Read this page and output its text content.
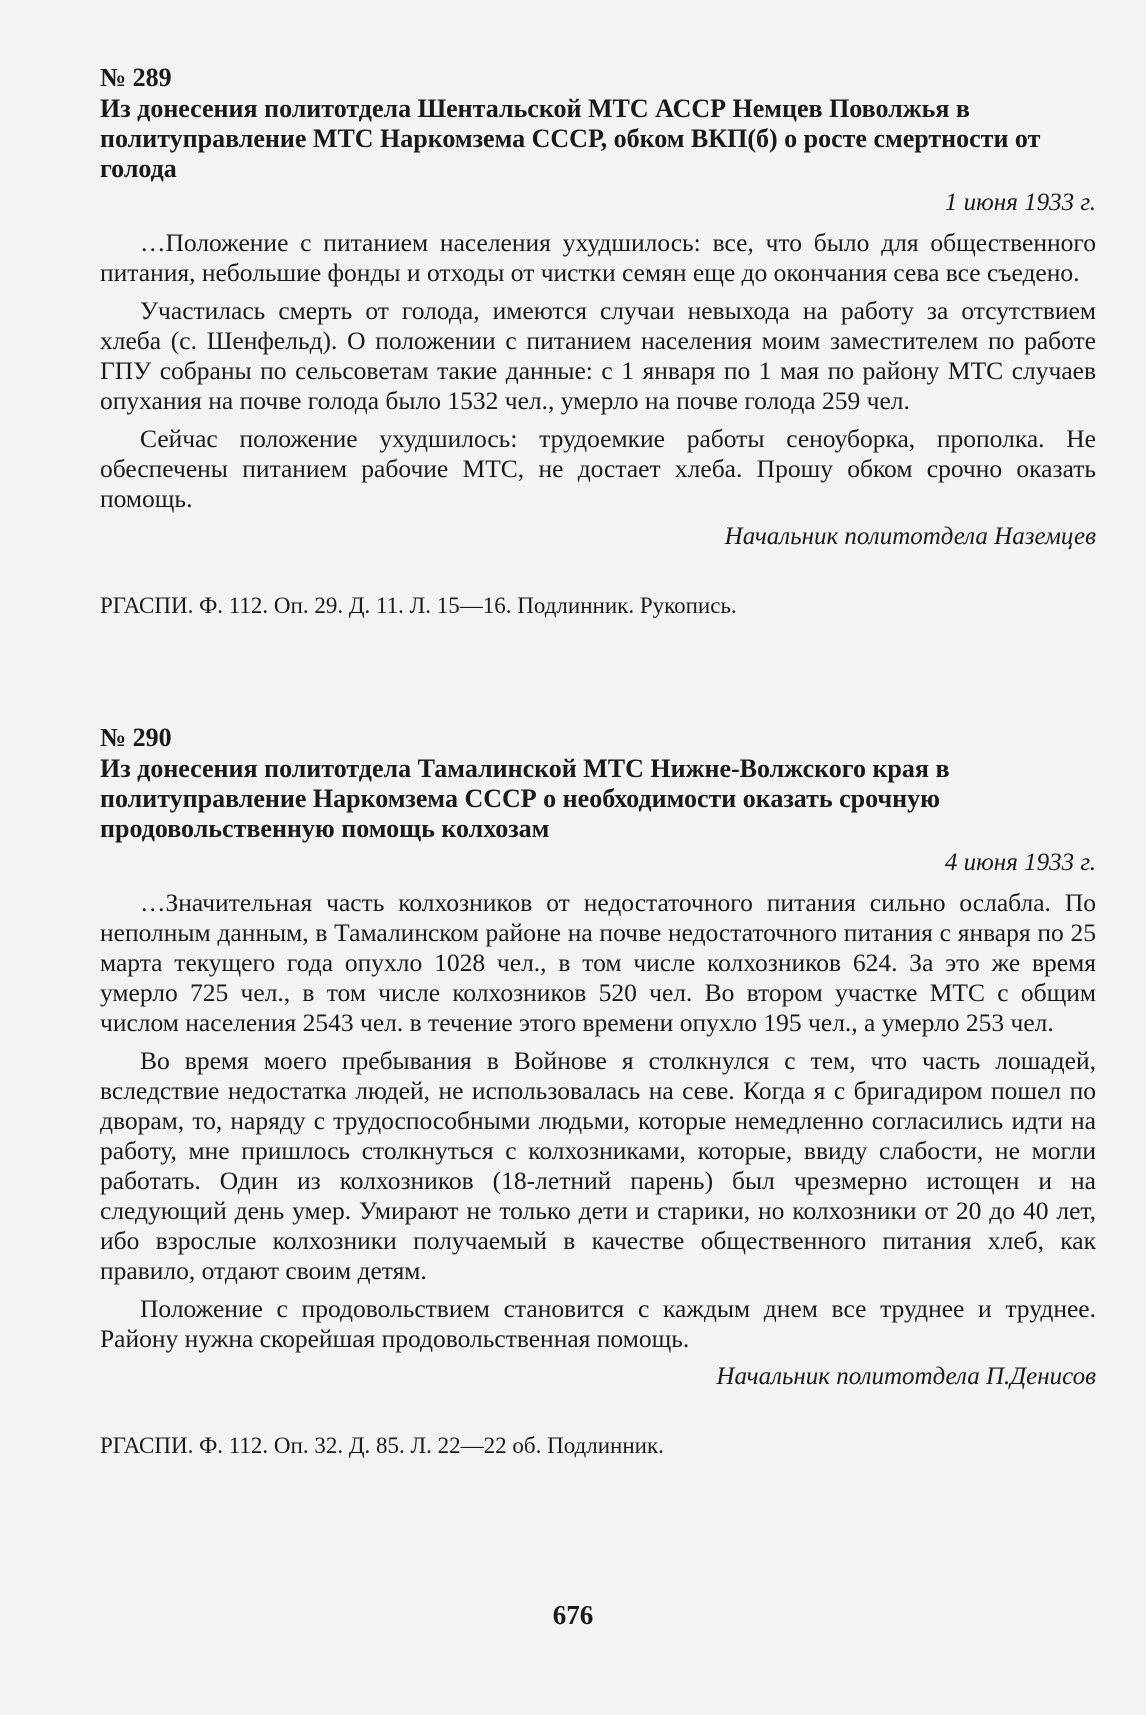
№ 289

Из донесения политотдела Шентальской МТС АССР Немцев Поволжья в политуправление МТС Наркомзема СССР, обком ВКП(б) о росте смертности от голода

1 июня 1933 г.

…Положение с питанием населения ухудшилось: все, что было для общественного питания, небольшие фонды и отходы от чистки семян еще до окончания сева все съедено.

Участилась смерть от голода, имеются случаи невыхода на работу за отсутствием хлеба (с. Шенфельд). О положении с питанием населения моим заместителем по работе ГПУ собраны по сельсоветам такие данные: с 1 января по 1 мая по району МТС случаев опухания на почве голода было 1532 чел., умерло на почве голода 259 чел.

Сейчас положение ухудшилось: трудоемкие работы сеноуборка, прополка. Не обеспечены питанием рабочие МТС, не достает хлеба. Прошу обком срочно оказать помощь.

Начальник политотдела Наземцев

РГАСПИ. Ф. 112. Оп. 29. Д. 11. Л. 15—16. Подлинник. Рукопись.

№ 290

Из донесения политотдела Тамалинской МТС Нижне-Волжского края в политуправление Наркомзема СССР о необходимости оказать срочную продовольственную помощь колхозам

4 июня 1933 г.

…Значительная часть колхозников от недостаточного питания сильно ослабла. По неполным данным, в Тамалинском районе на почве недостаточного питания с января по 25 марта текущего года опухло 1028 чел., в том числе колхозников 624. За это же время умерло 725 чел., в том числе колхозников 520 чел. Во втором участке МТС с общим числом населения 2543 чел. в течение этого времени опухло 195 чел., а умерло 253 чел.

Во время моего пребывания в Войнове я столкнулся с тем, что часть лошадей, вследствие недостатка людей, не использовалась на севе. Когда я с бригадиром пошел по дворам, то, наряду с трудоспособными людьми, которые немедленно согласились идти на работу, мне пришлось столкнуться с колхозниками, которые, ввиду слабости, не могли работать. Один из колхозников (18-летний парень) был чрезмерно истощен и на следующий день умер. Умирают не только дети и старики, но колхозники от 20 до 40 лет, ибо взрослые колхозники получаемый в качестве общественного питания хлеб, как правило, отдают своим детям.

Положение с продовольствием становится с каждым днем все труднее и труднее. Району нужна скорейшая продовольственная помощь.

Начальник политотдела П.Денисов

РГАСПИ. Ф. 112. Оп. 32. Д. 85. Л. 22—22 об. Подлинник.

676
